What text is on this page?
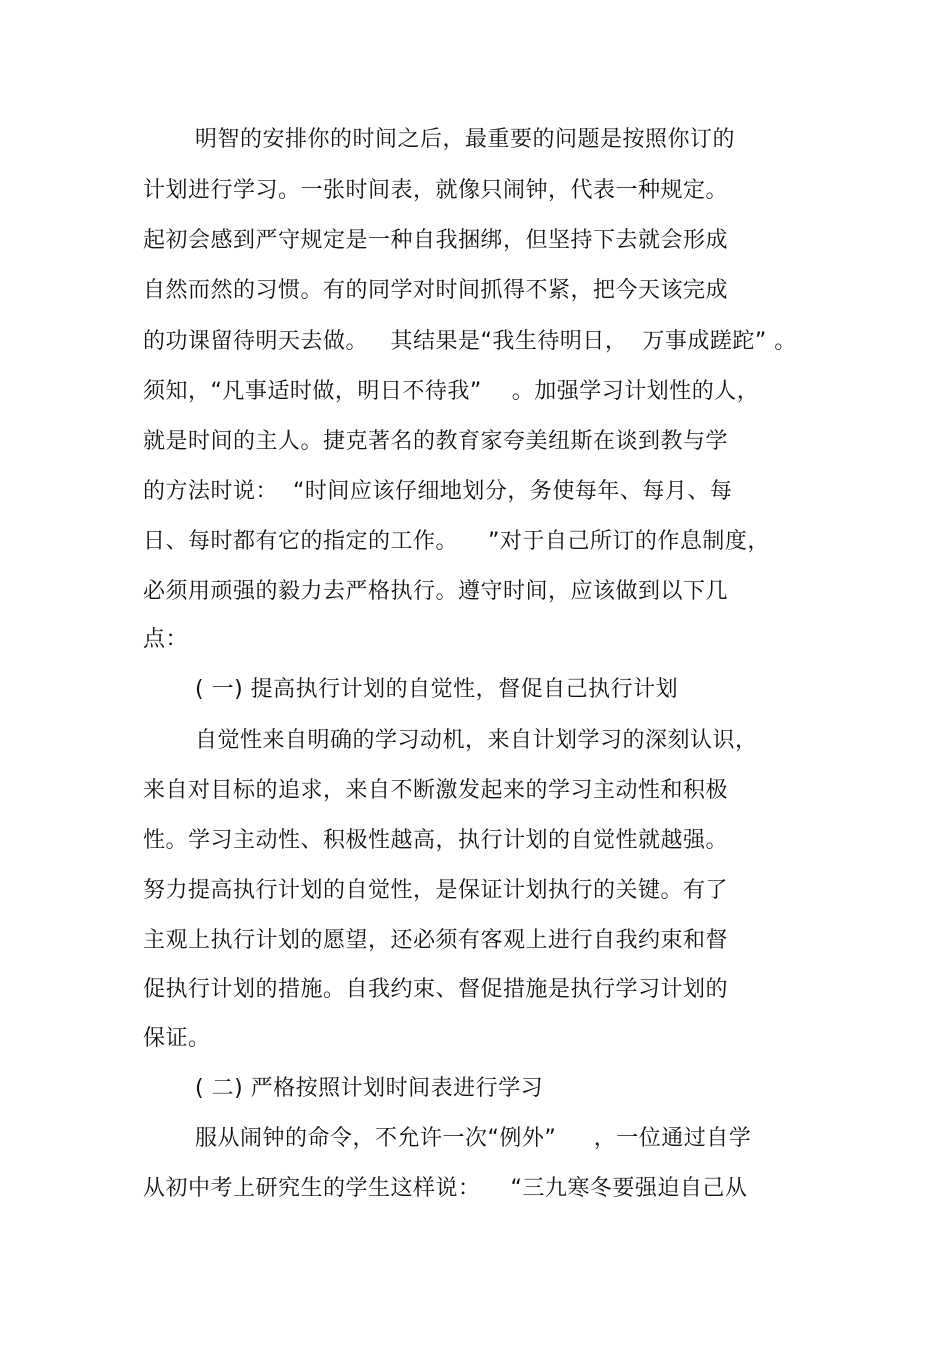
明智的安排你的时间之后，最重要的问题是按照你订的
计划进行学习。一张时间表，就像只闹钟，代表一种规定。
起初会感到严守规定是一种自我捆绑，但坚持下去就会形成
自然而然的习惯。有的同学对时间抓得不紧，把今天该完成
的功课留待明天去做。   其结果是“我生待明日，  万事成蹉跎” 。
须知，“凡事适时做，明日不待我”    。加强学习计划性的人，
就是时间的主人。捷克著名的教育家夸美纽斯在谈到教与学
的方法时说：  “时间应该仔细地划分，务使每年、每月、每
日、每时都有它的指定的工作。    ”对于自己所订的作息制度，
必须用顽强的毅力去严格执行。遵守时间，应该做到以下几
点：
( 一) 提高执行计划的自觉性，督促自己执行计划
自觉性来自明确的学习动机，来自计划学习的深刻认识，
来自对目标的追求，来自不断激发起来的学习主动性和积极
性。学习主动性、积极性越高，执行计划的自觉性就越强。
努力提高执行计划的自觉性，是保证计划执行的关键。有了
主观上执行计划的愿望，还必须有客观上进行自我约束和督
促执行计划的措施。自我约束、督促措施是执行学习计划的
保证。
( 二) 严格按照计划时间表进行学习
服从闹钟的命令，不允许一次“例外”     ，一位通过自学
从初中考上研究生的学生这样说：    “三九寒冬要强迫自己从
